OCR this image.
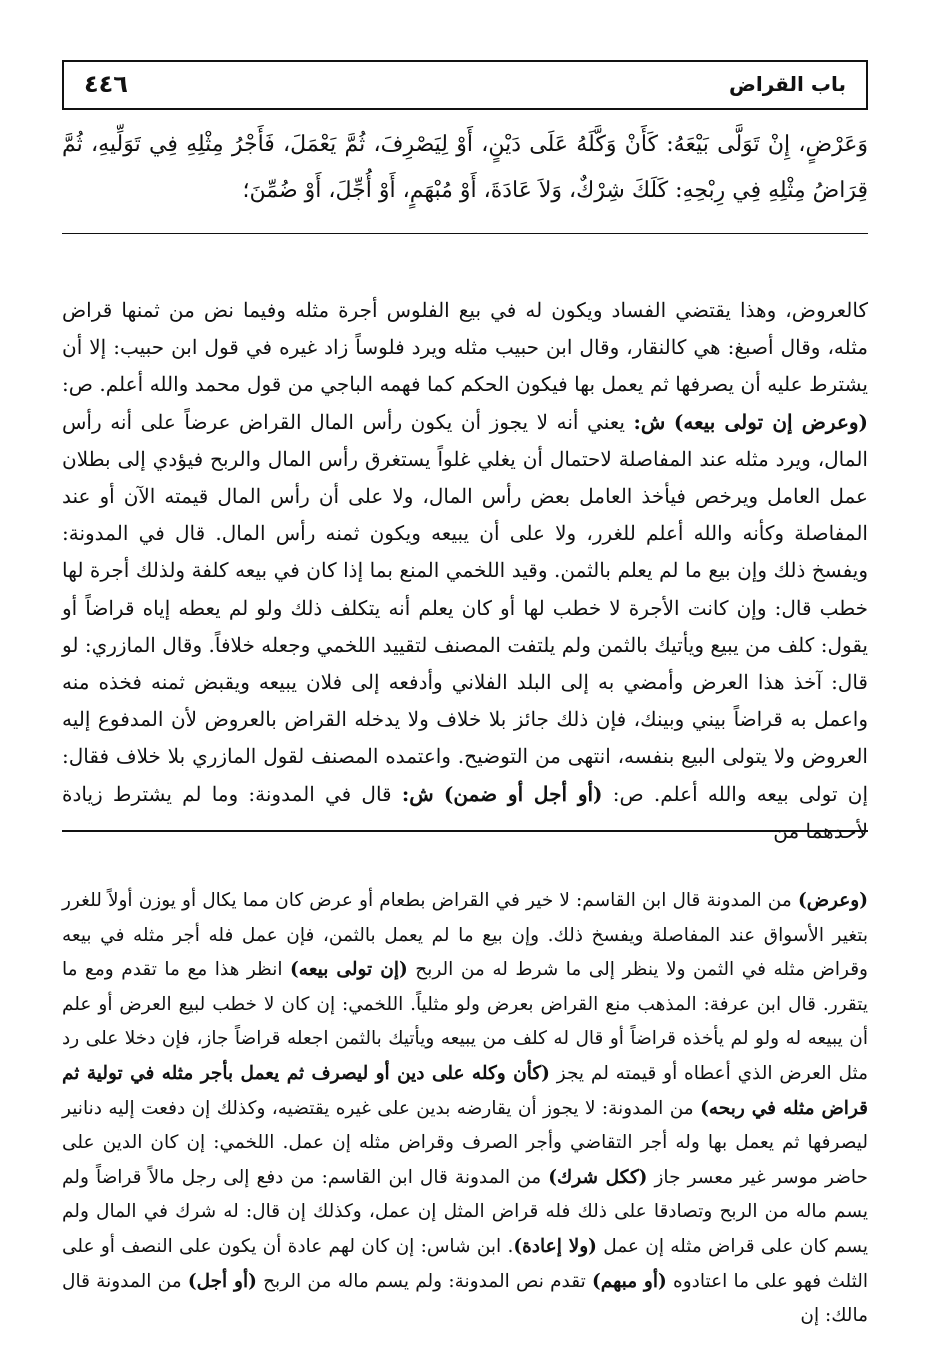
باب القراض
٤٤٦

وَعَرْضٍ، إِنْ تَوَلَّى بَيْعَهُ: كَأَنْ وَكَّلَهُ عَلَى دَيْنٍ، أَوْ لِيَصْرِفَ، ثُمَّ يَعْمَلَ، فَأَجْرُ مِثْلِهِ فِي تَوَلِّيهِ، ثُمَّ قِرَاضُ مِثْلِهِ فِي رِبْحِهِ: كَلَكَ شِرْكٌ، وَلاَ عَادَةَ، أَوْ مُبْهَمٍ، أَوْ أُجِّلَ، أَوْ ضُمِّنَ؛

كالعروض، وهذا يقتضي الفساد ويكون له في بيع الفلوس أجرة مثله وفيما نض من ثمنها قراض مثله، وقال أصبغ: هي كالنقار، وقال ابن حبيب مثله ويرد فلوساً زاد غيره في قول ابن حبيب: إلا أن يشترط عليه أن يصرفها ثم يعمل بها فيكون الحكم كما فهمه الباجي من قول محمد والله أعلم. ص: (وعرض إن تولى بيعه) ش: يعني أنه لا يجوز أن يكون رأس المال القراض عرضاً على أنه رأس المال، ويرد مثله عند المفاصلة لاحتمال أن يغلي غلواً يستغرق رأس المال والربح فيؤدي إلى بطلان عمل العامل ويرخص فيأخذ العامل بعض رأس المال، ولا على أن رأس المال قيمته الآن أو عند المفاصلة وكأنه والله أعلم للغرر، ولا على أن يبيعه ويكون ثمنه رأس المال. قال في المدونة: ويفسخ ذلك وإن بيع ما لم يعلم بالثمن. وقيد اللخمي المنع بما إذا كان في بيعه كلفة ولذلك أجرة لها خطب قال: وإن كانت الأجرة لا خطب لها أو كان يعلم أنه يتكلف ذلك ولو لم يعطه إياه قراضاً أو يقول: كلف من يبيع ويأتيك بالثمن ولم يلتفت المصنف لتقييد اللخمي وجعله خلافاً. وقال المازري: لو قال: آخذ هذا العرض وأمضي به إلى البلد الفلاني وأدفعه إلى فلان يبيعه ويقبض ثمنه فخذه منه واعمل به قراضاً بيني وبينك، فإن ذلك جائز بلا خلاف ولا يدخله القراض بالعروض لأن المدفوع إليه العروض ولا يتولى البيع بنفسه، انتهى من التوضيح. واعتمده المصنف لقول المازري بلا خلاف فقال: إن تولى بيعه والله أعلم. ص: (أو أجل أو ضمن) ش: قال في المدونة: وما لم يشترط زيادة لأحدهما من

(وعرض) من المدونة قال ابن القاسم: لا خير في القراض بطعام أو عرض كان مما يكال أو يوزن أولاً للغرر بتغير الأسواق عند المفاصلة ويفسخ ذلك. وإن بيع ما لم يعمل بالثمن، فإن عمل فله أجر مثله في بيعه وقراض مثله في الثمن ولا ينظر إلى ما شرط له من الربح (إن تولى بيعه) انظر هذا مع ما تقدم ومع ما يتقرر. قال ابن عرفة: المذهب منع القراض بعرض ولو مثلياً. اللخمي: إن كان لا خطب لبيع العرض أو علم أن يبيعه له ولو لم يأخذه قراضاً أو قال له كلف من يبيعه ويأتيك بالثمن اجعله قراضاً جاز، فإن دخلا على رد مثل العرض الذي أعطاه أو قيمته لم يجز (كأن وكله على دين أو ليصرف ثم يعمل بأجر مثله في تولية ثم قراض مثله في ربحه) من المدونة: لا يجوز أن يقارضه بدين على غيره يقتضيه، وكذلك إن دفعت إليه دنانير ليصرفها ثم يعمل بها وله أجر التقاضي وأجر الصرف وقراض مثله إن عمل. اللخمي: إن كان الدين على حاضر موسر غير معسر جاز (ككل شرك) من المدونة قال ابن القاسم: من دفع إلى رجل مالاً قراضاً ولم يسم ماله من الربح وتصادقا على ذلك فله قراض المثل إن عمل، وكذلك إن قال: له شرك في المال ولم يسم كان على قراض مثله إن عمل (ولا إعادة). ابن شاس: إن كان لهم عادة أن يكون على النصف أو على الثلث فهو على ما اعتادوه (أو مبهم) تقدم نص المدونة: ولم يسم ماله من الربح (أو أجل) من المدونة قال مالك: إن
